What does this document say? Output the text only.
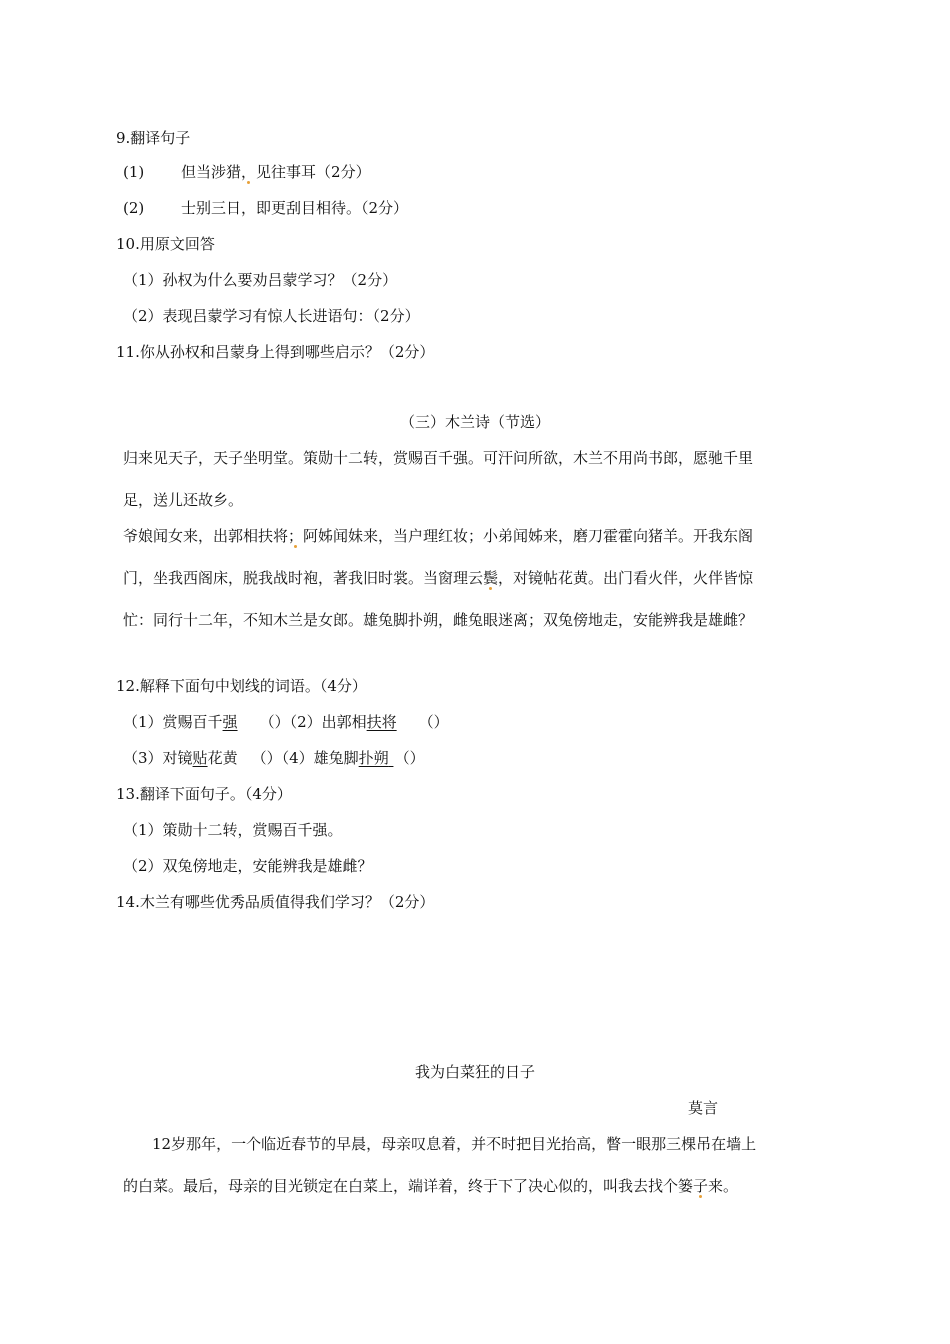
9.翻译句子
(1) 但当涉猎，见往事耳（2分）
(2) 士别三日，即更刮目相待。（2分）
10.用原文回答
（1）孙权为什么要劝吕蒙学习？（2分）
（2）表现吕蒙学习有惊人长进语句：（2分）
11.你从孙权和吕蒙身上得到哪些启示？（2分）
（三）木兰诗（节选）
归来见天子，天子坐明堂。策勋十二转，赏赐百千强。可汗问所欲，木兰不用尚书郎，愿驰千里
足，送儿还故乡。
爷娘闻女来，出郭相扶将；阿姊闻妹来，当户理红妆；小弟闻姊来，磨刀霍霍向猪羊。开我东阁
门，坐我西阁床，脱我战时袍，著我旧时裳。当窗理云鬓，对镜帖花黄。出门看火伴，火伴皆惊
忙：同行十二年，不知木兰是女郎。雄兔脚扑朔，雌兔眼迷离；双兔傍地走，安能辨我是雄雌？
12.解释下面句中划线的词语。（4分）
（1）赏赐百千强 （）（2）出郭相扶将 （）
（3）对镜贴花黄 （）（4）雄兔脚扑朔 （）
13.翻译下面句子。（4分）
（1）策勋十二转，赏赐百千强。
（2）双兔傍地走，安能辨我是雄雌？
14.木兰有哪些优秀品质值得我们学习？（2分）
我为白菜狂的日子
莫言
12岁那年，一个临近春节的早晨，母亲叹息着，并不时把目光抬高，瞥一眼那三棵吊在墙上
的白菜。最后，母亲的目光锁定在白菜上，端详着，终于下了决心似的，叫我去找个篓子来。
